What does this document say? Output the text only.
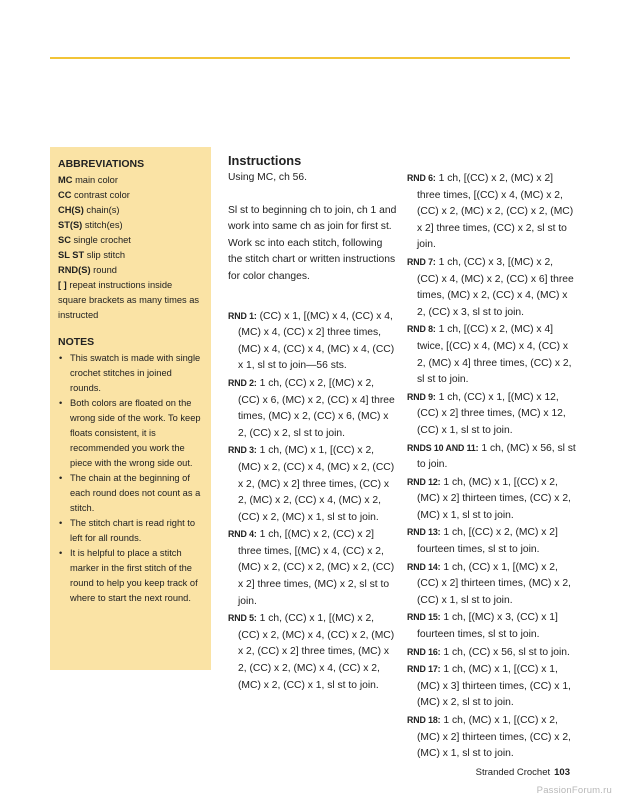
ABBREVIATIONS
MC main color
CC contrast color
CH(S) chain(s)
ST(S) stitch(es)
SC single crochet
SL ST slip stitch
RND(S) round
[ ] repeat instructions inside square brackets as many times as instructed
NOTES
• This swatch is made with single crochet stitches in joined rounds.
• Both colors are floated on the wrong side of the work. To keep floats consistent, it is recommended you work the piece with the wrong side out.
• The chain at the beginning of each round does not count as a stitch.
• The stitch chart is read right to left for all rounds.
• It is helpful to place a stitch marker in the first stitch of the round to help you keep track of where to start the next round.
Instructions

Using MC, ch 56.

Sl st to beginning ch to join, ch 1 and work into same ch as join for first st. Work sc into each stitch, following the stitch chart or written instructions for color changes.

RND 1: (CC) x 1, [(MC) x 4, (CC) x 4, (MC) x 4, (CC) x 2] three times, (MC) x 4, (CC) x 4, (MC) x 4, (CC) x 1, sl st to join—56 sts.

RND 2: 1 ch, (CC) x 2, [(MC) x 2, (CC) x 6, (MC) x 2, (CC) x 4] three times, (MC) x 2, (CC) x 6, (MC) x 2, (CC) x 2, sl st to join.

RND 3: 1 ch, (MC) x 1, [(CC) x 2, (MC) x 2, (CC) x 4, (MC) x 2, (CC) x 2, (MC) x 2] three times, (CC) x 2, (MC) x 2, (CC) x 4, (MC) x 2, (CC) x 2, (MC) x 1, sl st to join.

RND 4: 1 ch, [(MC) x 2, (CC) x 2] three times, [(MC) x 4, (CC) x 2, (MC) x 2, (CC) x 2, (MC) x 2, (CC) x 2] three times, (MC) x 2, sl st to join.

RND 5: 1 ch, (CC) x 1, [(MC) x 2, (CC) x 2, (MC) x 4, (CC) x 2, (MC) x 2, (CC) x 2] three times, (MC) x 2, (CC) x 2, (MC) x 4, (CC) x 2, (MC) x 2, (CC) x 1, sl st to join.

RND 6: 1 ch, [(CC) x 2, (MC) x 2] three times, [(CC) x 4, (MC) x 2, (CC) x 2, (MC) x 2, (CC) x 2, (MC) x 2] three times, (CC) x 2, sl st to join.

RND 7: 1 ch, (CC) x 3, [(MC) x 2, (CC) x 4, (MC) x 2, (CC) x 6] three times, (MC) x 2, (CC) x 4, (MC) x 2, (CC) x 3, sl st to join.

RND 8: 1 ch, [(CC) x 2, (MC) x 4] twice, [(CC) x 4, (MC) x 4, (CC) x 2, (MC) x 4] three times, (CC) x 2, sl st to join.

RND 9: 1 ch, (CC) x 1, [(MC) x 12, (CC) x 2] three times, (MC) x 12, (CC) x 1, sl st to join.

RNDS 10 AND 11: 1 ch, (MC) x 56, sl st to join.

RND 12: 1 ch, (MC) x 1, [(CC) x 2, (MC) x 2] thirteen times, (CC) x 2, (MC) x 1, sl st to join.

RND 13: 1 ch, [(CC) x 2, (MC) x 2] fourteen times, sl st to join.

RND 14: 1 ch, (CC) x 1, [(MC) x 2, (CC) x 2] thirteen times, (MC) x 2, (CC) x 1, sl st to join.

RND 15: 1 ch, [(MC) x 3, (CC) x 1] fourteen times, sl st to join.

RND 16: 1 ch, (CC) x 56, sl st to join.

RND 17: 1 ch, (MC) x 1, [(CC) x 1, (MC) x 3] thirteen times, (CC) x 1, (MC) x 2, sl st to join.

RND 18: 1 ch, (MC) x 1, [(CC) x 2, (MC) x 2] thirteen times, (CC) x 2, (MC) x 1, sl st to join.

Stranded Crochet 103
PassionForum.ru
